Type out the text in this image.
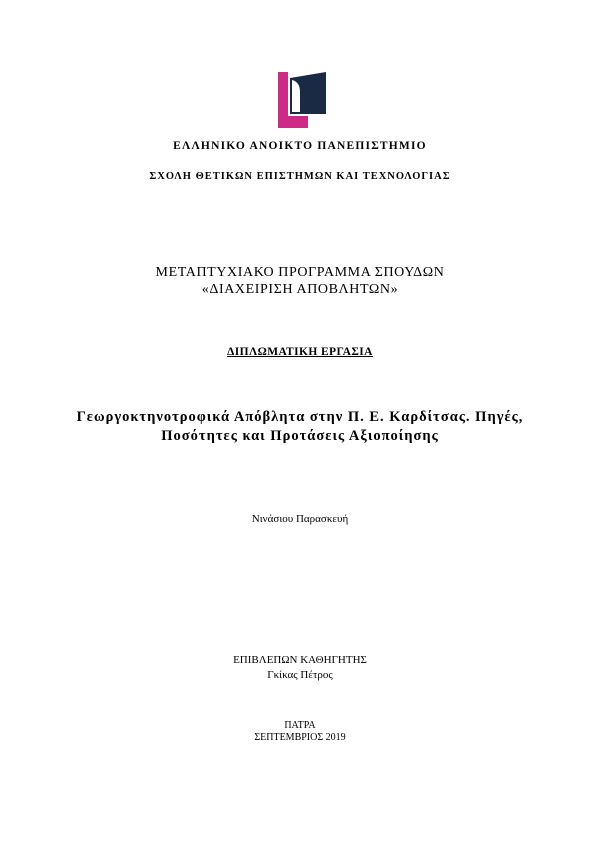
ΕΛΛΗΝΙΚΟ ΑΝΟΙΚΤΟ ΠΑΝΕΠΙΣΤΗΜΙΟ
ΣΧΟΛΗ ΘΕΤΙΚΩΝ ΕΠΙΣΤΗΜΩΝ ΚΑΙ ΤΕΧΝΟΛΟΓΙΑΣ
ΜΕΤΑΠΤΥΧΙΑΚΟ ΠΡΟΓΡΑΜΜΑ ΣΠΟΥΔΩΝ
«ΔΙΑΧΕΙΡΙΣΗ ΑΠΟΒΛΗΤΩΝ»
ΔΙΠΛΩΜΑΤΙΚΗ ΕΡΓΑΣΙΑ
Γεωργοκτηνοτροφικά Απόβλητα στην Π. Ε. Καρδίτσας. Πηγές,
Ποσότητες και Προτάσεις Αξιοποίησης
Νινάσιου Παρασκευή
ΕΠΙΒΛΕΠΩΝ ΚΑΘΗΓΗΤΗΣ
Γκίκας Πέτρος
ΠΑΤΡΑ
ΣΕΠΤΕΜΒΡΙΟΣ 2019
